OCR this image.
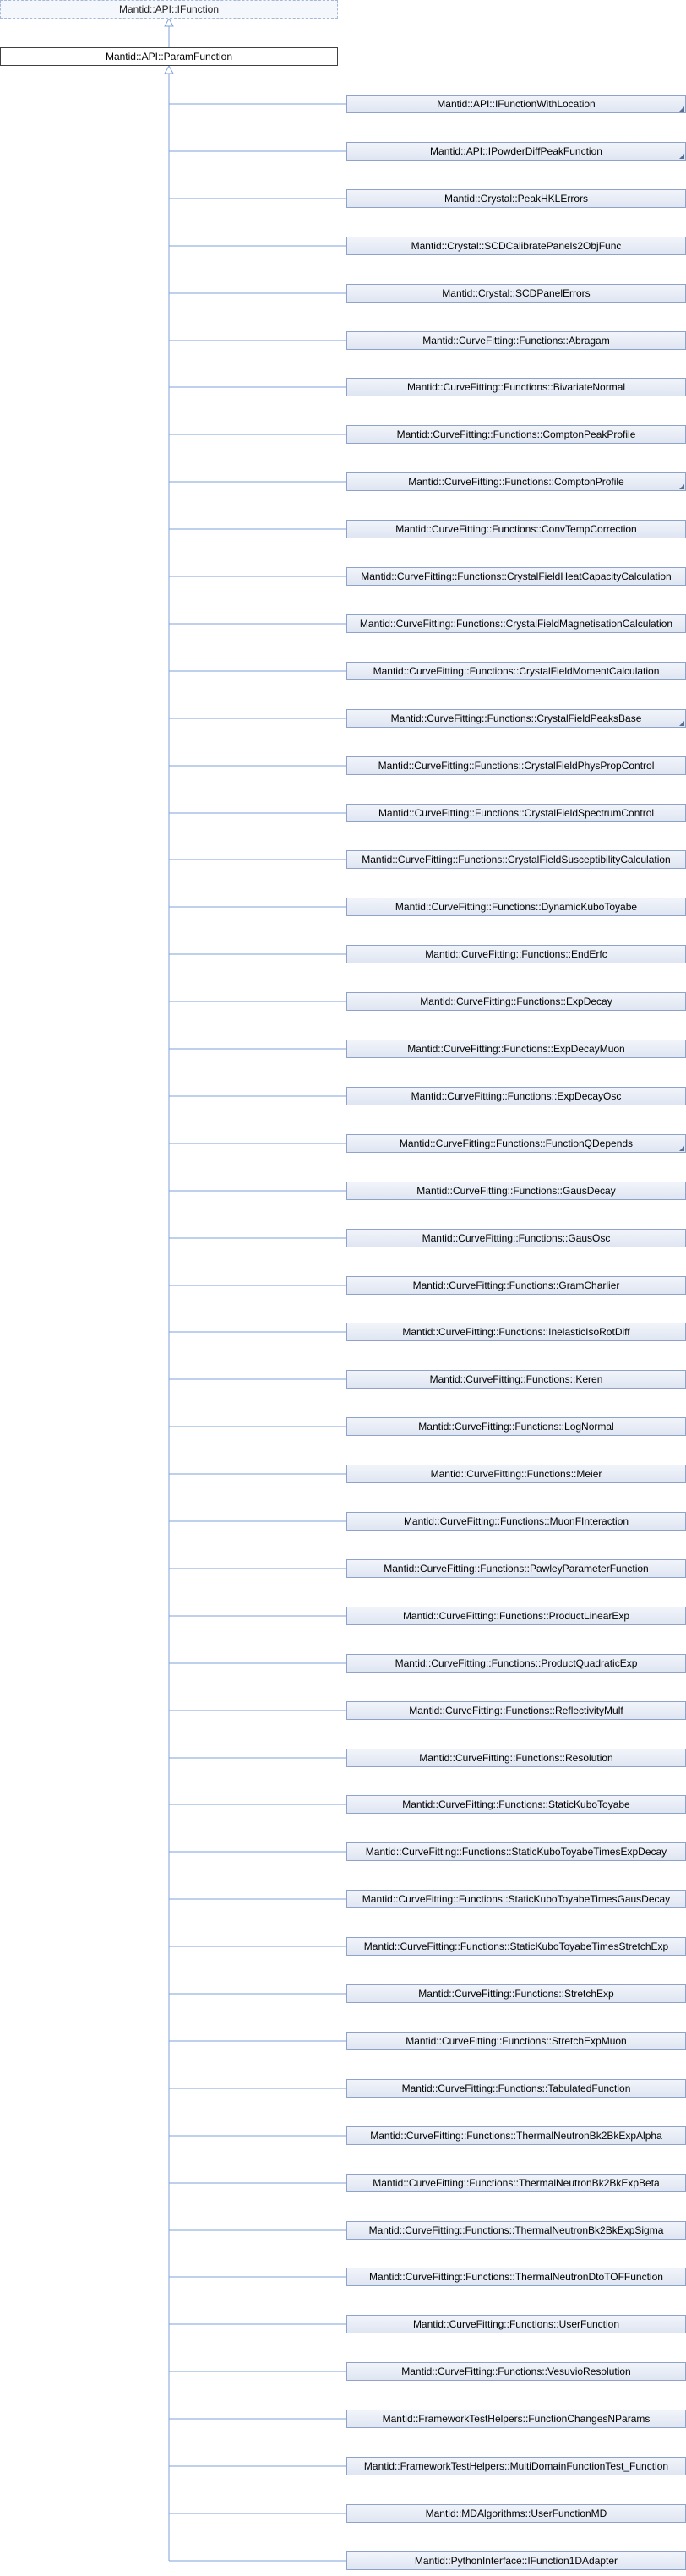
Mantid::API::IFunction
Mantid::API::ParamFunction
Mantid::API::IFunctionWithLocation
Mantid::API::IPowderDiffPeakFunction
Mantid::Crystal::PeakHKLErrors
Mantid::Crystal::SCDCalibratePanels2ObjFunc
Mantid::Crystal::SCDPanelErrors
Mantid::CurveFitting::Functions::Abragam
Mantid::CurveFitting::Functions::BivariateNormal
Mantid::CurveFitting::Functions::ComptonPeakProfile
Mantid::CurveFitting::Functions::ComptonProfile
Mantid::CurveFitting::Functions::ConvTempCorrection
Mantid::CurveFitting::Functions::CrystalFieldHeatCapacityCalculation
Mantid::CurveFitting::Functions::CrystalFieldMagnetisationCalculation
Mantid::CurveFitting::Functions::CrystalFieldMomentCalculation
Mantid::CurveFitting::Functions::CrystalFieldPeaksBase
Mantid::CurveFitting::Functions::CrystalFieldPhysPropControl
Mantid::CurveFitting::Functions::CrystalFieldSpectrumControl
Mantid::CurveFitting::Functions::CrystalFieldSusceptibilityCalculation
Mantid::CurveFitting::Functions::DynamicKuboToyabe
Mantid::CurveFitting::Functions::EndErfc
Mantid::CurveFitting::Functions::ExpDecay
Mantid::CurveFitting::Functions::ExpDecayMuon
Mantid::CurveFitting::Functions::ExpDecayOsc
Mantid::CurveFitting::Functions::FunctionQDepends
Mantid::CurveFitting::Functions::GausDecay
Mantid::CurveFitting::Functions::GausOsc
Mantid::CurveFitting::Functions::GramCharlier
Mantid::CurveFitting::Functions::InelasticIsoRotDiff
Mantid::CurveFitting::Functions::Keren
Mantid::CurveFitting::Functions::LogNormal
Mantid::CurveFitting::Functions::Meier
Mantid::CurveFitting::Functions::MuonFInteraction
Mantid::CurveFitting::Functions::PawleyParameterFunction
Mantid::CurveFitting::Functions::ProductLinearExp
Mantid::CurveFitting::Functions::ProductQuadraticExp
Mantid::CurveFitting::Functions::ReflectivityMulf
Mantid::CurveFitting::Functions::Resolution
Mantid::CurveFitting::Functions::StaticKuboToyabe
Mantid::CurveFitting::Functions::StaticKuboToyabeTimesExpDecay
Mantid::CurveFitting::Functions::StaticKuboToyabeTimesGausDecay
Mantid::CurveFitting::Functions::StaticKuboToyabeTimesStretchExp
Mantid::CurveFitting::Functions::StretchExp
Mantid::CurveFitting::Functions::StretchExpMuon
Mantid::CurveFitting::Functions::TabulatedFunction
Mantid::CurveFitting::Functions::ThermalNeutronBk2BkExpAlpha
Mantid::CurveFitting::Functions::ThermalNeutronBk2BkExpBeta
Mantid::CurveFitting::Functions::ThermalNeutronBk2BkExpSigma
Mantid::CurveFitting::Functions::ThermalNeutronDtoTOFFunction
Mantid::CurveFitting::Functions::UserFunction
Mantid::CurveFitting::Functions::VesuvioResolution
Mantid::FrameworkTestHelpers::FunctionChangesNParams
Mantid::FrameworkTestHelpers::MultiDomainFunctionTest_Function
Mantid::MDAlgorithms::UserFunctionMD
Mantid::PythonInterface::IFunction1DAdapter
